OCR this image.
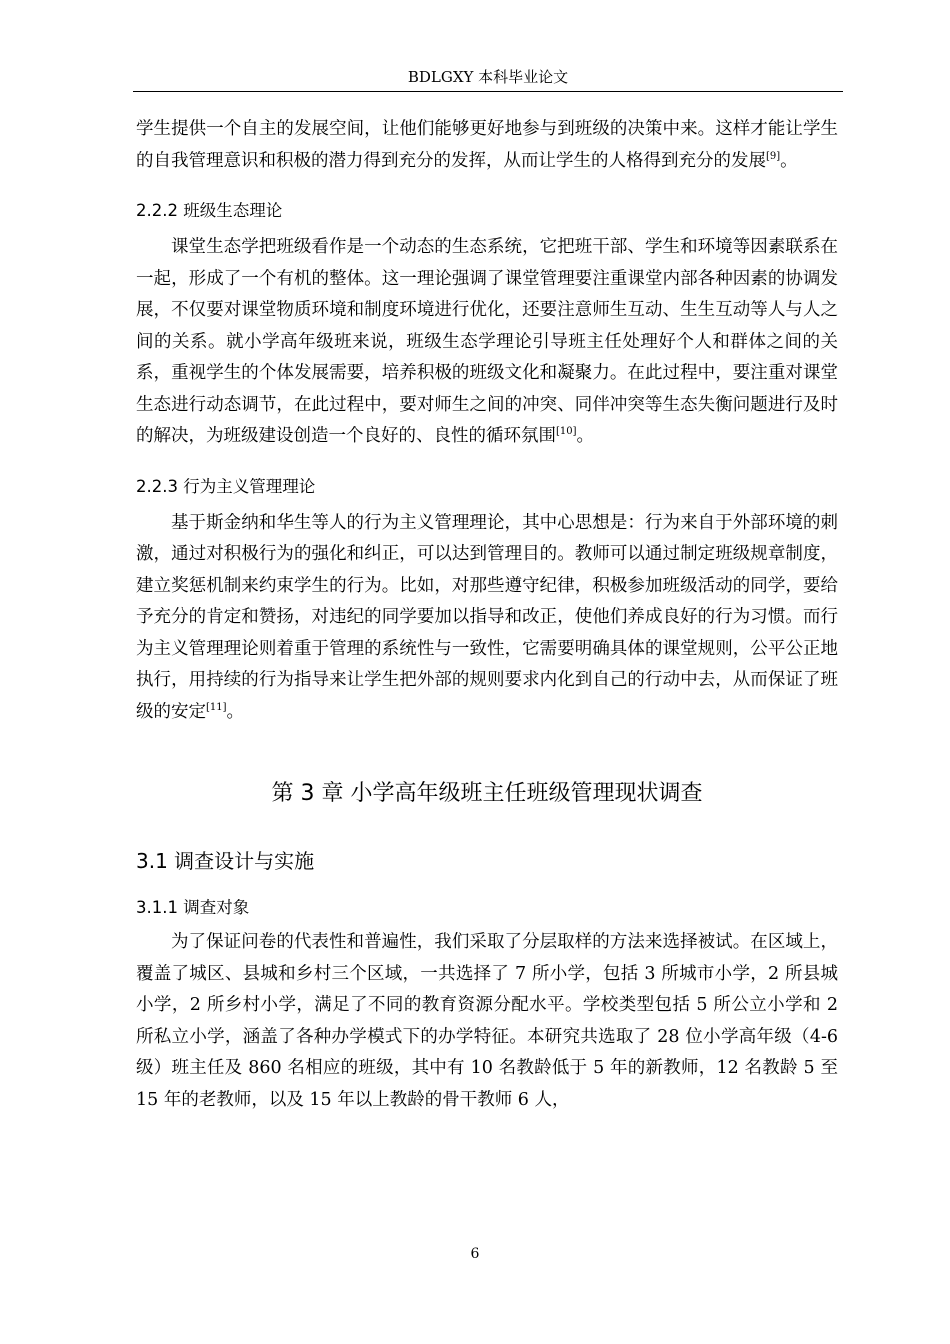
BDLGXY 本科毕业论文

学生提供一个自主的发展空间，让他们能够更好地参与到班级的决策中来。这样才能让学生的自我管理意识和积极的潜力得到充分的发挥，从而让学生的人格得到充分的发展[9]。

2.2.2 班级生态理论

课堂生态学把班级看作是一个动态的生态系统，它把班干部、学生和环境等因素联系在一起，形成了一个有机的整体。这一理论强调了课堂管理要注重课堂内部各种因素的协调发展，不仅要对课堂物质环境和制度环境进行优化，还要注意师生互动、生生互动等人与人之间的关系。就小学高年级班来说，班级生态学理论引导班主任处理好个人和群体之间的关系，重视学生的个体发展需要，培养积极的班级文化和凝聚力。在此过程中，要注重对课堂生态进行动态调节，在此过程中，要对师生之间的冲突、同伴冲突等生态失衡问题进行及时的解决，为班级建设创造一个良好的、良性的循环氛围[10]。

2.2.3 行为主义管理理论

基于斯金纳和华生等人的行为主义管理理论，其中心思想是：行为来自于外部环境的刺激，通过对积极行为的强化和纠正，可以达到管理目的。教师可以通过制定班级规章制度，建立奖惩机制来约束学生的行为。比如，对那些遵守纪律，积极参加班级活动的同学，要给予充分的肯定和赞扬，对违纪的同学要加以指导和改正，使他们养成良好的行为习惯。而行为主义管理理论则着重于管理的系统性与一致性，它需要明确具体的课堂规则，公平公正地执行，用持续的行为指导来让学生把外部的规则要求内化到自己的行动中去，从而保证了班级的安定[11]。

第 3 章 小学高年级班主任班级管理现状调查
3.1 调查设计与实施
3.1.1 调查对象

为了保证问卷的代表性和普遍性，我们采取了分层取样的方法来选择被试。在区域上，覆盖了城区、县城和乡村三个区域，一共选择了 7 所小学，包括 3 所城市小学，2 所县城小学，2 所乡村小学，满足了不同的教育资源分配水平。学校类型包括 5 所公立小学和 2 所私立小学，涵盖了各种办学模式下的办学特征。本研究共选取了 28 位小学高年级（4-6 级）班主任及 860 名相应的班级，其中有 10 名教龄低于 5 年的新教师，12 名教龄 5 至 15 年的老教师，以及 15 年以上教龄的骨干教师 6 人，

6
